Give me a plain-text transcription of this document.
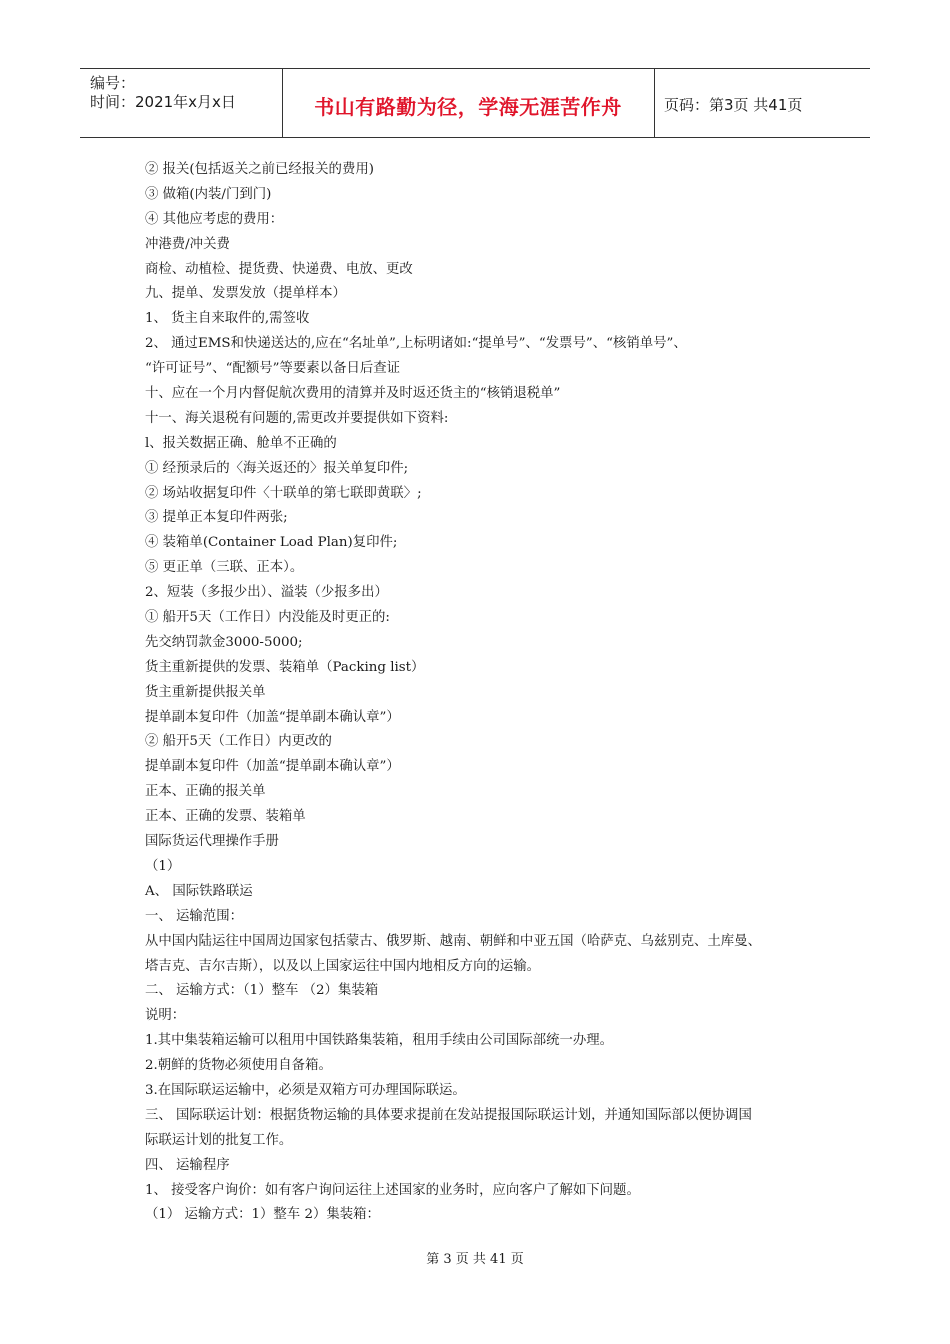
编号：
时间：2021年x月x日	书山有路勤为径，学海无涯苦作舟	页码：第3页 共41页
② 报关(包括返关之前已经报关的费用)
③ 做箱(内装/门到门)
④ 其他应考虑的费用：
冲港费/冲关费
商检、动植检、提货费、快递费、电放、更改
九、提单、发票发放（提单样本）
1、 货主自来取件的,需签收
2、 通过EMS和快递送达的,应在“名址单”,上标明诸如:“提单号”、“发票号”、“核销单号”、
“许可证号”、“配额号”等要素以备日后查证
十、应在一个月内督促航次费用的清算并及时返还货主的“核销退税单”
十一、海关退税有问题的,需更改并要提供如下资料:
l、报关数据正确、舱单不正确的
① 经预录后的〈海关返还的〉报关单复印件;
② 场站收据复印件〈十联单的第七联即黄联〉;
③ 提单正本复印件两张;
④ 装箱单(Container Load Plan)复印件;
⑤ 更正单（三联、正本）。
2、短装（多报少出）、溢装（少报多出）
① 船开5天（工作日）内没能及时更正的:
先交纳罚款金3000-5000;
货主重新提供的发票、装箱单（Packing list）
货主重新提供报关单
提单副本复印件（加盖“提单副本确认章”）
② 船开5天（工作日）内更改的
提单副本复印件（加盖“提单副本确认章”）
正本、正确的报关单
正本、正确的发票、装箱单
国际货运代理操作手册
（1）
A、 国际铁路联运
一、 运输范围：
从中国内陆运往中国周边国家包括蒙古、俄罗斯、越南、朝鲜和中亚五国（哈萨克、乌兹别克、土库曼、
塔吉克、吉尔吉斯），以及以上国家运往中国内地相反方向的运输。
二、 运输方式：（1）整车 （2）集装箱
说明：
1.其中集装箱运输可以租用中国铁路集装箱，租用手续由公司国际部统一办理。
2.朝鲜的货物必须使用自备箱。
3.在国际联运运输中，必须是双箱方可办理国际联运。
三、 国际联运计划：根据货物运输的具体要求提前在发站提报国际联运计划，并通知国际部以便协调国
际联运计划的批复工作。
四、 运输程序
1、 接受客户询价：如有客户询问运往上述国家的业务时，应向客户了解如下问题。
（1） 运输方式：1）整车 2）集装箱：
第 3 页 共 41 页
